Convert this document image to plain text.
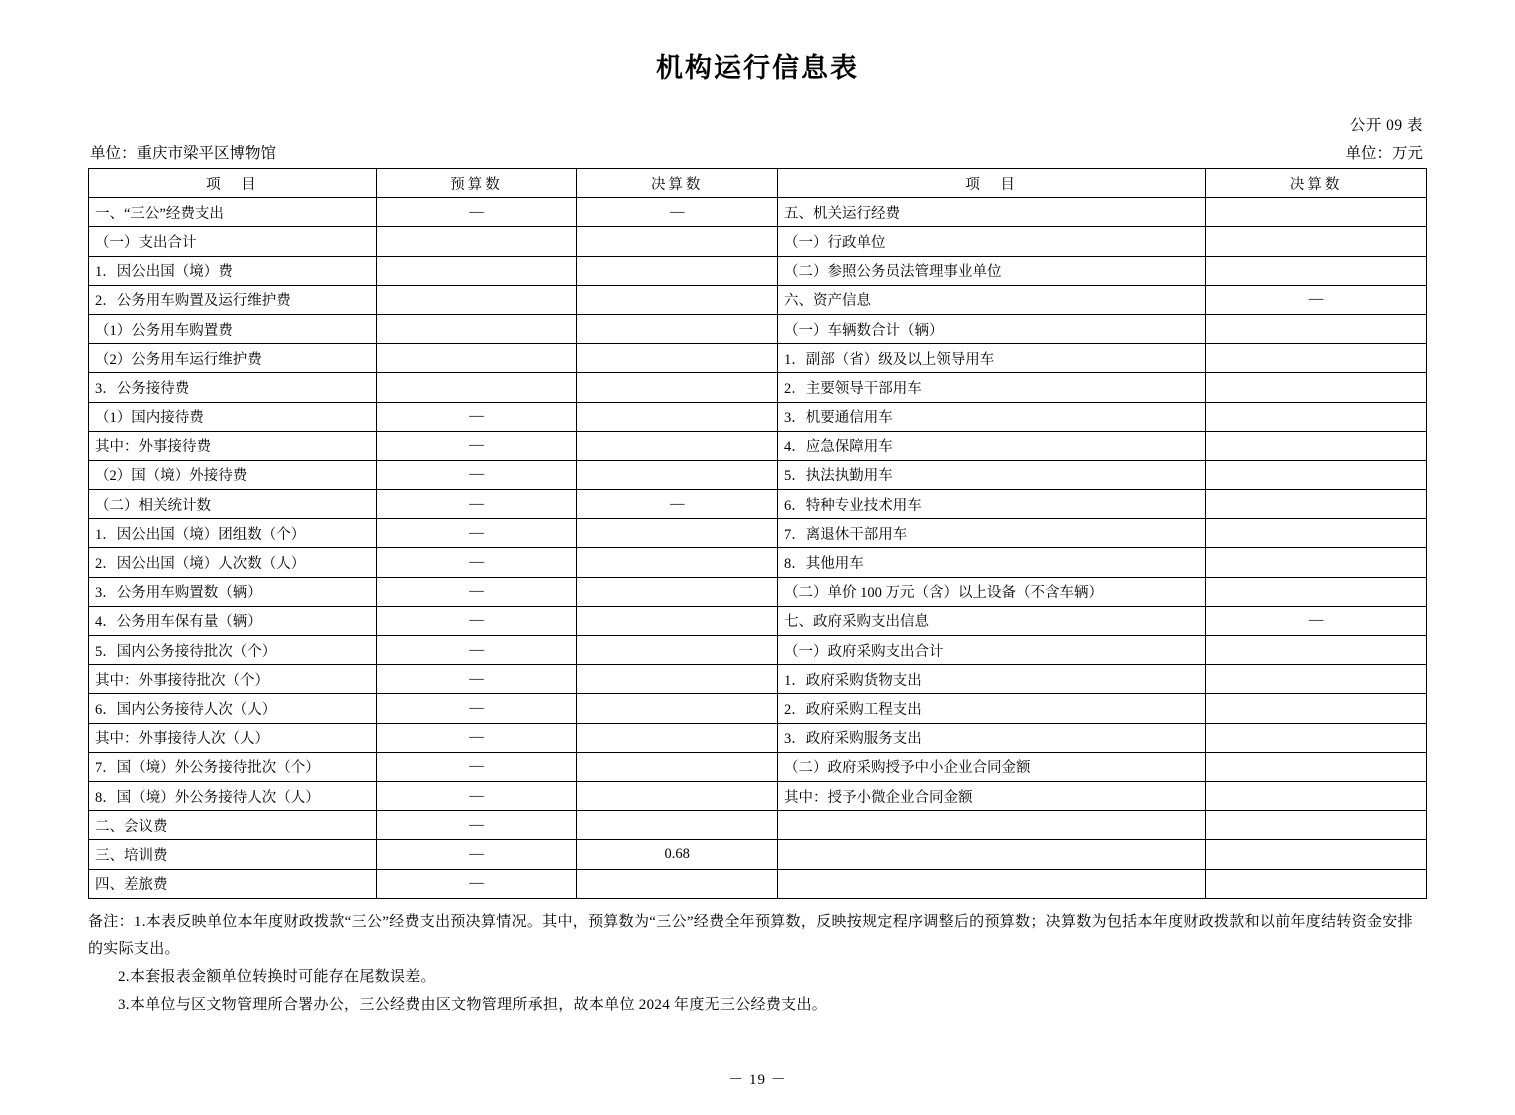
机构运行信息表
公开 09 表
单位：重庆市梁平区博物馆	单位：万元
项　目	预算数	决算数	项　目	决算数
一、“三公”经费支出	—	—	五、机关运行经费	
（一）支出合计			（一）行政单位	
1．因公出国（境）费			（二）参照公务员法管理事业单位	
2．公务用车购置及运行维护费			六、资产信息	—
（1）公务用车购置费			（一）车辆数合计（辆）	
（2）公务用车运行维护费			1．副部（省）级及以上领导用车	
3．公务接待费			2．主要领导干部用车	
（1）国内接待费	—		3．机要通信用车	
其中：外事接待费	—		4．应急保障用车	
（2）国（境）外接待费	—		5．执法执勤用车	
（二）相关统计数	—	—	6．特种专业技术用车	
1．因公出国（境）团组数（个）	—		7．离退休干部用车	
2．因公出国（境）人次数（人）	—		8．其他用车	
3．公务用车购置数（辆）	—		（二）单价 100 万元（含）以上设备（不含车辆）	
4．公务用车保有量（辆）	—		七、政府采购支出信息	—
5．国内公务接待批次（个）	—		（一）政府采购支出合计	
其中：外事接待批次（个）	—		1．政府采购货物支出	
6．国内公务接待人次（人）	—		2．政府采购工程支出	
其中：外事接待人次（人）	—		3．政府采购服务支出	
7．国（境）外公务接待批次（个）	—		（二）政府采购授予中小企业合同金额	
8．国（境）外公务接待人次（人）	—		其中：授予小微企业合同金额	
二、会议费	—			
三、培训费	—	0.68		
四、差旅费	—			

备注：1.本表反映单位本年度财政拨款“三公”经费支出预决算情况。其中，预算数为“三公”经费全年预算数，反映按规定程序调整后的预算数；决算数为包括本年度财政拨款和以前年度结转资金安排的实际支出。

2.本套报表金额单位转换时可能存在尾数误差。

3.本单位与区文物管理所合署办公，三公经费由区文物管理所承担，故本单位 2024 年度无三公经费支出。

－ 19 －
